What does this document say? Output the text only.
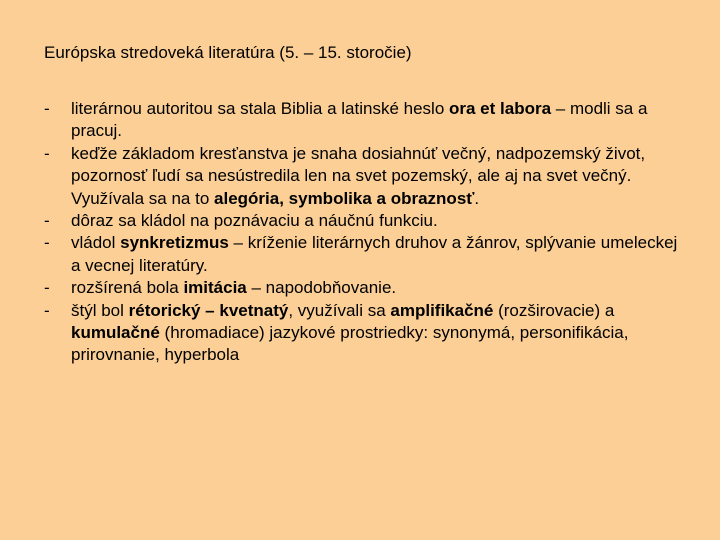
Európska stredoveká literatúra (5. – 15. storočie)
- literárnou autoritou sa stala Biblia a latinské heslo ora et labora – modli sa a pracuj.
- keďže základom kresťanstva je snaha dosiahnúť večný, nadpozemský život, pozornosť ľudí sa nesústredila len na svet pozemský, ale aj na svet večný. Využívala sa na to alegória, symbolika a obraznosť.
- dôraz sa kládol na poznávaciu a náučnú funkciu.
- vládol synkretizmus – kríženie literárnych druhov a žánrov, splývanie umeleckej a vecnej literatúry.
- rozšírená bola imitácia – napodobňovanie.
- štýl bol rétorický – kvetnatý, využívali sa amplifikačné (rozširovacie) a kumulačné (hromadiace) jazykové prostriedky: synonymá, personifikácia, prirovnanie, hyperbola
